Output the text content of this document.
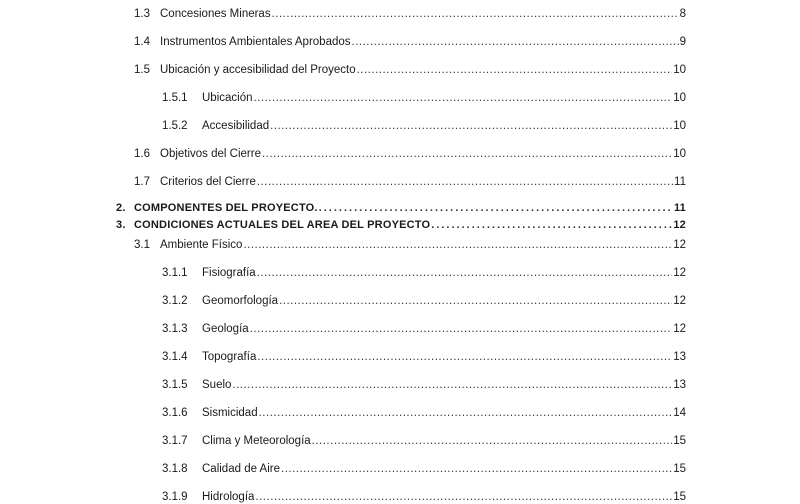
1.3 Concesiones Mineras .....	8
1.4 Instrumentos Ambientales Aprobados .....	9
1.5 Ubicación y accesibilidad del Proyecto .....	10
1.5.1	Ubicación .....	10
1.5.2	Accesibilidad .....	10
1.6 Objetivos del Cierre .....	10
1.7 Criterios del Cierre .....	11
2. COMPONENTES DEL PROYECTO. .....	11
3. CONDICIONES ACTUALES DEL AREA DEL PROYECTO .....	12
3.1 Ambiente Físico .....	12
3.1.1	Fisiografía .....	12
3.1.2	Geomorfología .....	12
3.1.3	Geología .....	12
3.1.4	Topografía .....	13
3.1.5	Suelo .....	13
3.1.6	Sismicidad .....	14
3.1.7	Clima y Meteorología .....	15
3.1.8	Calidad de Aire .....	15
3.1.9	Hidrología .....	15
